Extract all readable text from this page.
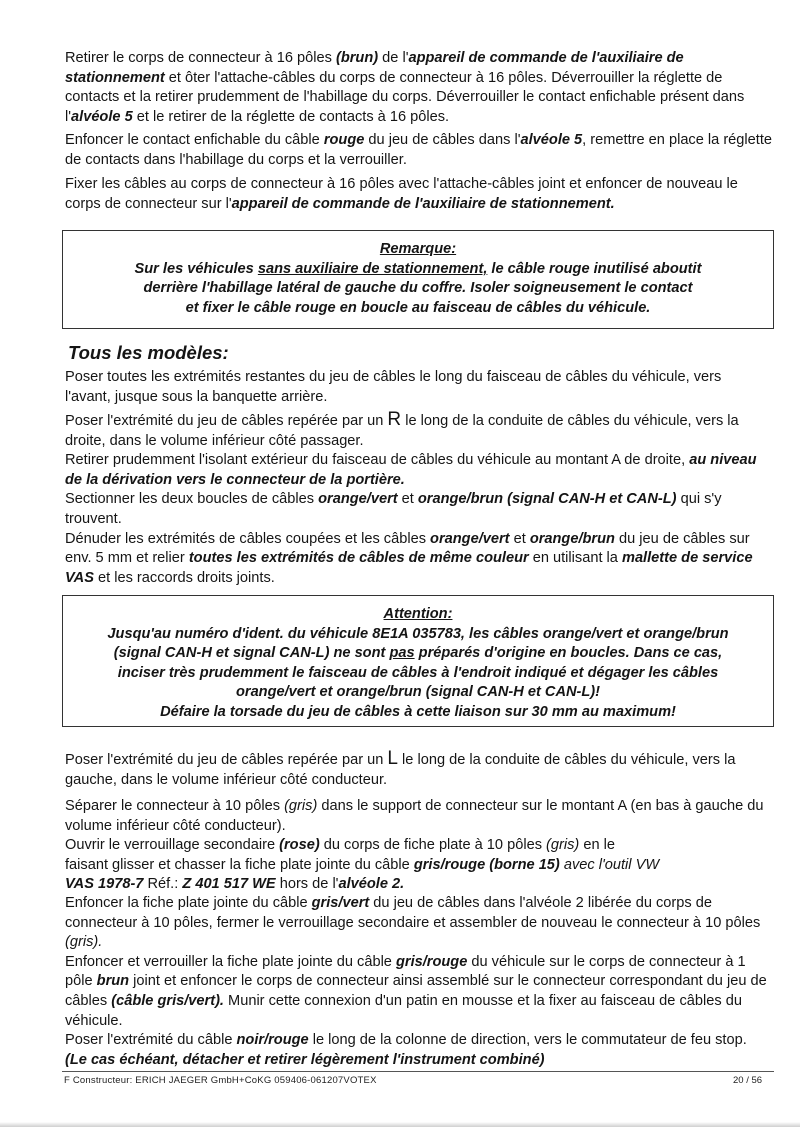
Retirer le corps de connecteur à 16 pôles (brun) de l'appareil de commande de l'auxiliaire de stationnement et ôter l'attache-câbles du corps de connecteur à 16 pôles. Déverrouiller la réglette de contacts et la retirer prudemment de l'habillage du corps. Déverrouiller le contact enfichable présent dans l'alvéole 5 et le retirer de la réglette de contacts à 16 pôles.

Enfoncer le contact enfichable du câble rouge du jeu de câbles dans l'alvéole 5, remettre en place la réglette de contacts dans l'habillage du corps et la verrouiller.

Fixer les câbles au corps de connecteur à 16 pôles avec l'attache-câbles joint et enfoncer de nouveau le corps de connecteur sur l'appareil de commande de l'auxiliaire de stationnement.

Remarque:

Sur les véhicules sans auxiliaire de stationnement, le câble rouge inutilisé aboutit
derrière l'habillage latéral de gauche du coffre. Isoler soigneusement le contact
et fixer le câble rouge en boucle au faisceau de câbles du véhicule.

Tous les modèles:

Poser toutes les extrémités restantes du jeu de câbles le long du faisceau de câbles du véhicule, vers l'avant, jusque sous la banquette arrière.

Poser l'extrémité du jeu de câbles repérée par un R le long de la conduite de câbles du véhicule, vers la droite, dans le volume inférieur côté passager.
Retirer prudemment l'isolant extérieur du faisceau de câbles du véhicule au montant A de droite, au niveau de la dérivation vers le connecteur de la portière.
Sectionner les deux boucles de câbles orange/vert et orange/brun (signal CAN-H et CAN-L) qui s'y trouvent.
Dénuder les extrémités de câbles coupées et les câbles orange/vert et orange/brun du jeu de câbles sur env. 5 mm et relier toutes les extrémités de câbles de même couleur en utilisant la mallette de service VAS et les raccords droits joints.

Attention:

Jusqu'au numéro d'ident. du véhicule 8E1A 035783, les câbles orange/vert et orange/brun
(signal CAN-H et signal CAN-L) ne sont pas préparés d'origine en boucles. Dans ce cas,
inciser très prudemment le faisceau de câbles à l'endroit indiqué et dégager les câbles
orange/vert et orange/brun (signal CAN-H et CAN-L)!
Défaire la torsade du jeu de câbles à cette liaison sur 30 mm au maximum!

Poser l'extrémité du jeu de câbles repérée par un L le long de la conduite de câbles du véhicule, vers la gauche, dans le volume inférieur côté conducteur.

Séparer le connecteur à 10 pôles (gris) dans le support de connecteur sur le montant A (en bas à gauche du volume inférieur côté conducteur).
Ouvrir le verrouillage secondaire (rose) du corps de fiche plate à 10 pôles (gris) en le
faisant glisser et chasser la fiche plate jointe du câble gris/rouge (borne 15) avec l'outil VW
VAS 1978-7 Réf.: Z 401 517 WE hors de l'alvéole 2.

Enfoncer la fiche plate jointe du câble gris/vert du jeu de câbles dans l'alvéole 2 libérée du corps de connecteur à 10 pôles, fermer le verrouillage secondaire et assembler de nouveau le connecteur à 10 pôles (gris).
Enfoncer et verrouiller la fiche plate jointe du câble gris/rouge du véhicule sur le corps de connecteur à 1 pôle brun joint et enfoncer le corps de connecteur ainsi assemblé sur le connecteur correspondant du jeu de câbles (câble gris/vert). Munir cette connexion d'un patin en mousse et la fixer au faisceau de câbles du véhicule.

Poser l'extrémité du câble noir/rouge le long de la colonne de direction, vers le commutateur de feu stop. (Le cas échéant, détacher et retirer légèrement l'instrument combiné)

F Constructeur: ERICH JAEGER GmbH+CoKG 059406-061207VOTEX	20 / 56
